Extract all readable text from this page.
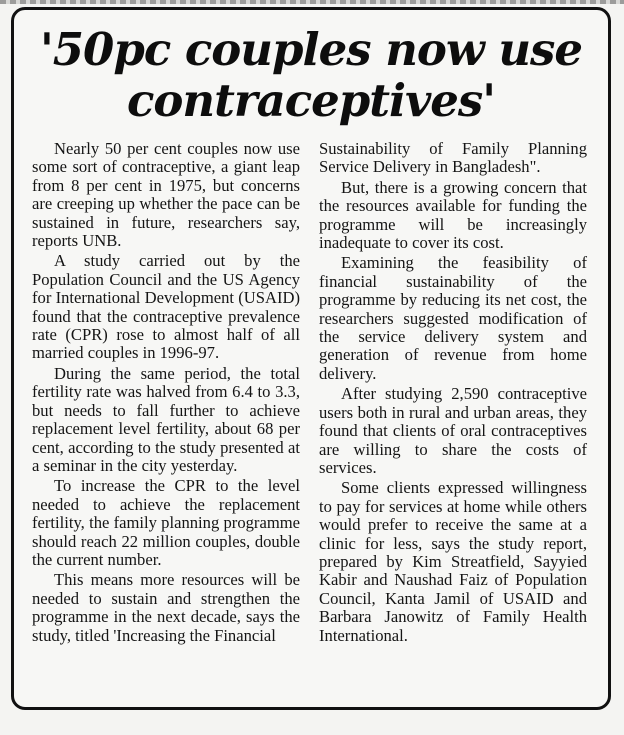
'50pc couples now use
contraceptives'

Nearly 50 per cent couples now use some sort of contraceptive, a giant leap from 8 per cent in 1975, but concerns are creeping up whether the pace can be sustained in future, researchers say, reports UNB.

A study carried out by the Population Council and the US Agency for International Development (USAID) found that the contraceptive prevalence rate (CPR) rose to almost half of all married couples in 1996-97.

During the same period, the total fertility rate was halved from 6.4 to 3.3, but needs to fall further to achieve replacement level fertility, about 68 per cent, according to the study presented at a seminar in the city yesterday.

To increase the CPR to the level needed to achieve the replacement fertility, the family planning programme should reach 22 million couples, double the current number.

This means more resources will be needed to sustain and strengthen the programme in the next decade, says the study, titled 'Increasing the Financial

Sustainability of Family Planning Service Delivery in Bangladesh".

But, there is a growing concern that the resources available for funding the programme will be increasingly inadequate to cover its cost.

Examining the feasibility of financial sustainability of the programme by reducing its net cost, the researchers suggested modification of the service delivery system and generation of revenue from home delivery.

After studying 2,590 contraceptive users both in rural and urban areas, they found that clients of oral contraceptives are willing to share the costs of services.

Some clients expressed willingness to pay for services at home while others would prefer to receive the same at a clinic for less, says the study report, prepared by Kim Streatfield, Sayyied Kabir and Naushad Faiz of Population Council, Kanta Jamil of USAID and Barbara Janowitz of Family Health International.
